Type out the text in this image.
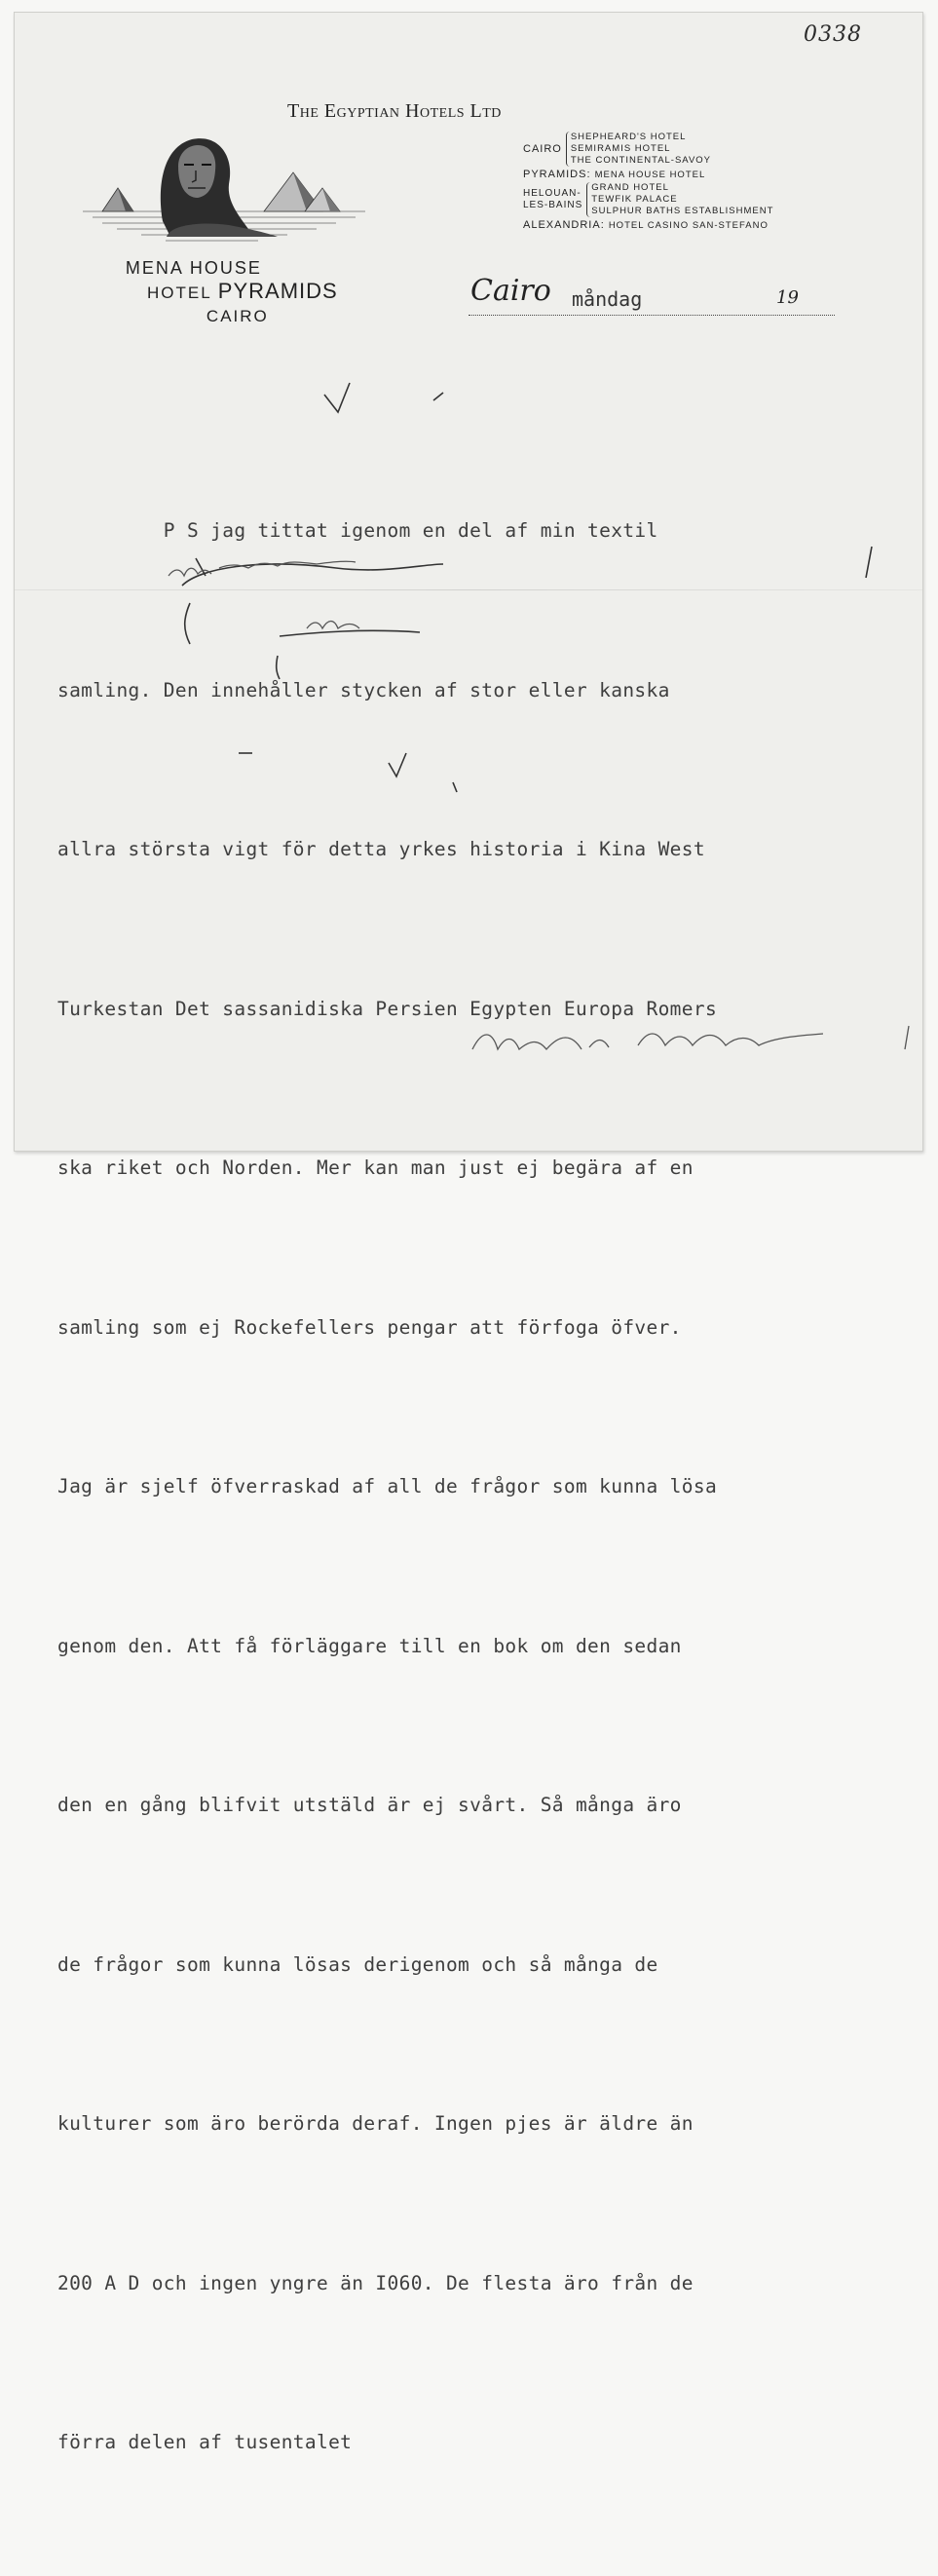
0338
The Egyptian Hotels Ltd
MENA HOUSE
HOTEL PYRAMIDS
CAIRO
CAIRO
SHEPHEARD'S HOTEL
SEMIRAMIS HOTEL
THE CONTINENTAL-SAVOY
PYRAMIDS: MENA HOUSE HOTEL
HELOUAN-
LES-BAINS
GRAND HOTEL
TEWFIK PALACE
SULPHUR BATHS ESTABLISHMENT
ALEXANDRIA: HOTEL CASINO SAN-STEFANO
Cairo måndag	19

P S jag tittat igenom en del af min textil

samling. Den innehåller stycken af stor eller kanska

allra största vigt för detta yrkes historia i Kina West

Turkestan Det sassanidiska Persien Egypten Europa Romers

ska riket och Norden. Mer kan man just ej begära af en

samling som ej Rockefellers pengar att förfoga öfver.

Jag är sjelf öfverraskad af all de frågor som kunna lösa

genom den. Att få förläggare till en bok om den sedan

den en gång blifvit utstäld är ej svårt. Så många äro

de frågor som kunna lösas derigenom och så många de

kulturer som äro berörda deraf. Ingen pjes är äldre än

200 A D och ingen yngre än I060. De flesta äro från de

förra delen af tusentalet
